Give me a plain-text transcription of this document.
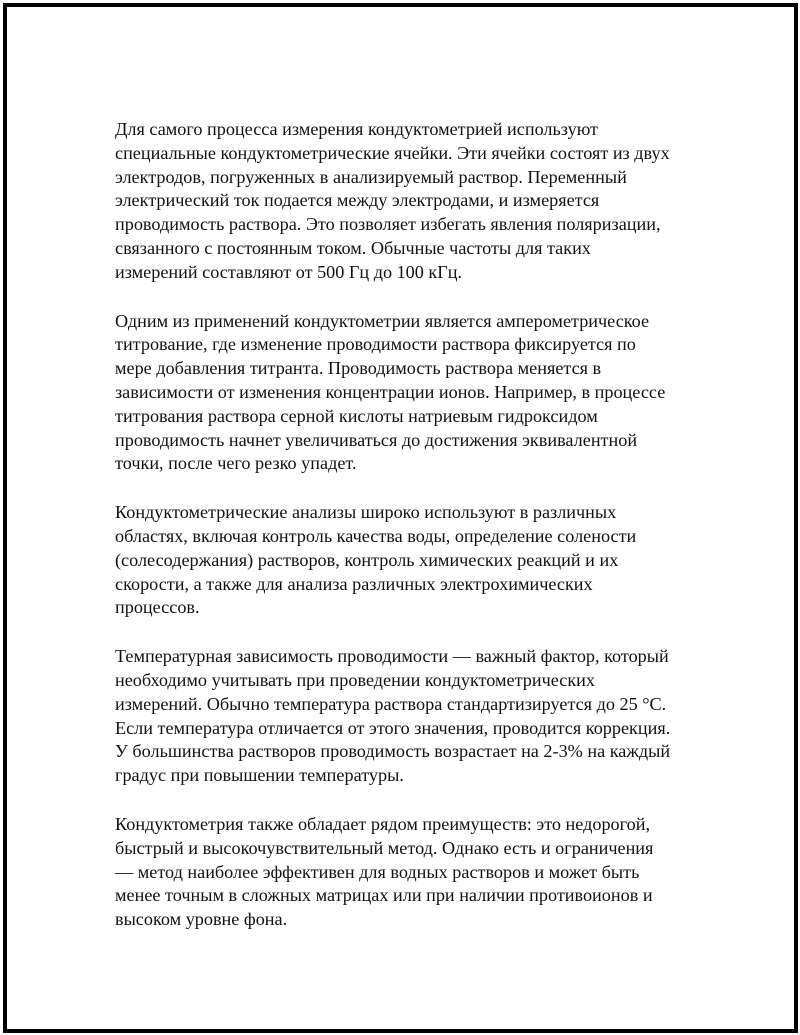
Для самого процесса измерения кондуктометрией используют
специальные кондуктометрические ячейки. Эти ячейки состоят из двух
электродов, погруженных в анализируемый раствор. Переменный
электрический ток подается между электродами, и измеряется
проводимость раствора. Это позволяет избегать явления поляризации,
связанного с постоянным током. Обычные частоты для таких
измерений составляют от 500 Гц до 100 кГц.

Одним из применений кондуктометрии является амперометрическое
титрование, где изменение проводимости раствора фиксируется по
мере добавления титранта. Проводимость раствора меняется в
зависимости от изменения концентрации ионов. Например, в процессе
титрования раствора серной кислоты натриевым гидроксидом
проводимость начнет увеличиваться до достижения эквивалентной
точки, после чего резко упадет.

Кондуктометрические анализы широко используют в различных
областях, включая контроль качества воды, определение солености
(солесодержания) растворов, контроль химических реакций и их
скорости, а также для анализа различных электрохимических
процессов.

Температурная зависимость проводимости — важный фактор, который
необходимо учитывать при проведении кондуктометрических
измерений. Обычно температура раствора стандартизируется до 25 °C.
Если температура отличается от этого значения, проводится коррекция.
У большинства растворов проводимость возрастает на 2-3% на каждый
градус при повышении температуры.

Кондуктометрия также обладает рядом преимуществ: это недорогой,
быстрый и высокочувствительный метод. Однако есть и ограничения
— метод наиболее эффективен для водных растворов и может быть
менее точным в сложных матрицах или при наличии противоионов и
высоком уровне фона.
